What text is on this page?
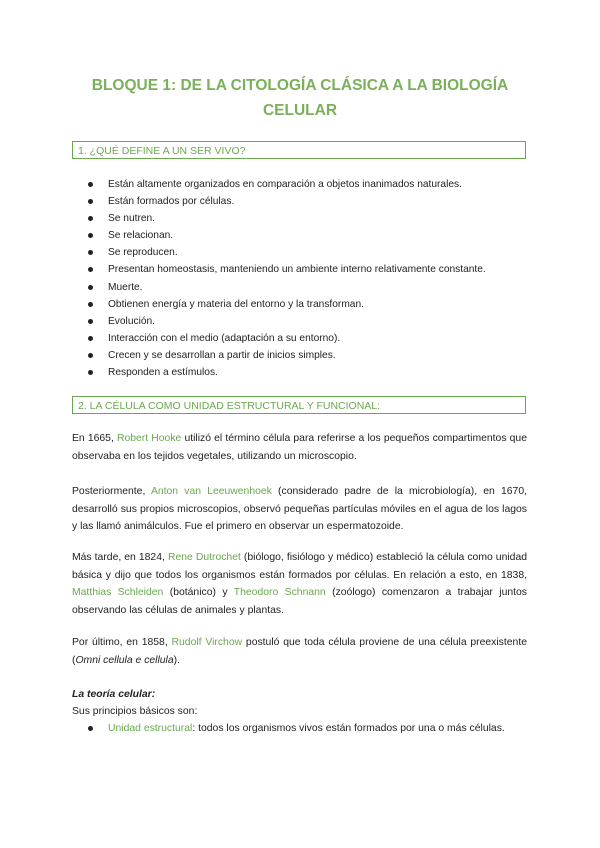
BLOQUE 1: DE LA CITOLOGÍA CLÁSICA A LA BIOLOGÍA CELULAR
1. ¿QUÉ DEFINE A UN SER VIVO?
Están altamente organizados en comparación a objetos inanimados naturales.
Están formados por células.
Se nutren.
Se relacionan.
Se reproducen.
Presentan homeostasis, manteniendo un ambiente interno relativamente constante.
Muerte.
Obtienen energía y materia del entorno y la transforman.
Evolución.
Interacción con el medio (adaptación a su entorno).
Crecen y se desarrollan a partir de inicios simples.
Responden a estímulos.
2. LA CÉLULA COMO UNIDAD ESTRUCTURAL Y FUNCIONAL:

En 1665, Robert Hooke utilizó el término célula para referirse a los pequeños compartimentos que observaba en los tejidos vegetales, utilizando un microscopio.

Posteriormente, Anton van Leeuwenhoek (considerado padre de la microbiología), en 1670, desarrolló sus propios microscopios, observó pequeñas partículas móviles en el agua de los lagos y las llamó animálculos. Fue el primero en observar un espermatozoide.

Más tarde, en 1824, Rene Dutrochet (biólogo, fisiólogo y médico) estableció la célula como unidad básica y dijo que todos los organismos están formados por células. En relación a esto, en 1838, Matthias Schleiden (botánico) y Theodoro Schnann (zoólogo) comenzaron a trabajar juntos observando las células de animales y plantas.

Por último, en 1858, Rudolf Virchow postuló que toda célula proviene de una célula preexistente (Omni cellula e cellula).

La teoría celular:
Sus principios básicos son:
Unidad estructural: todos los organismos vivos están formados por una o más células.
